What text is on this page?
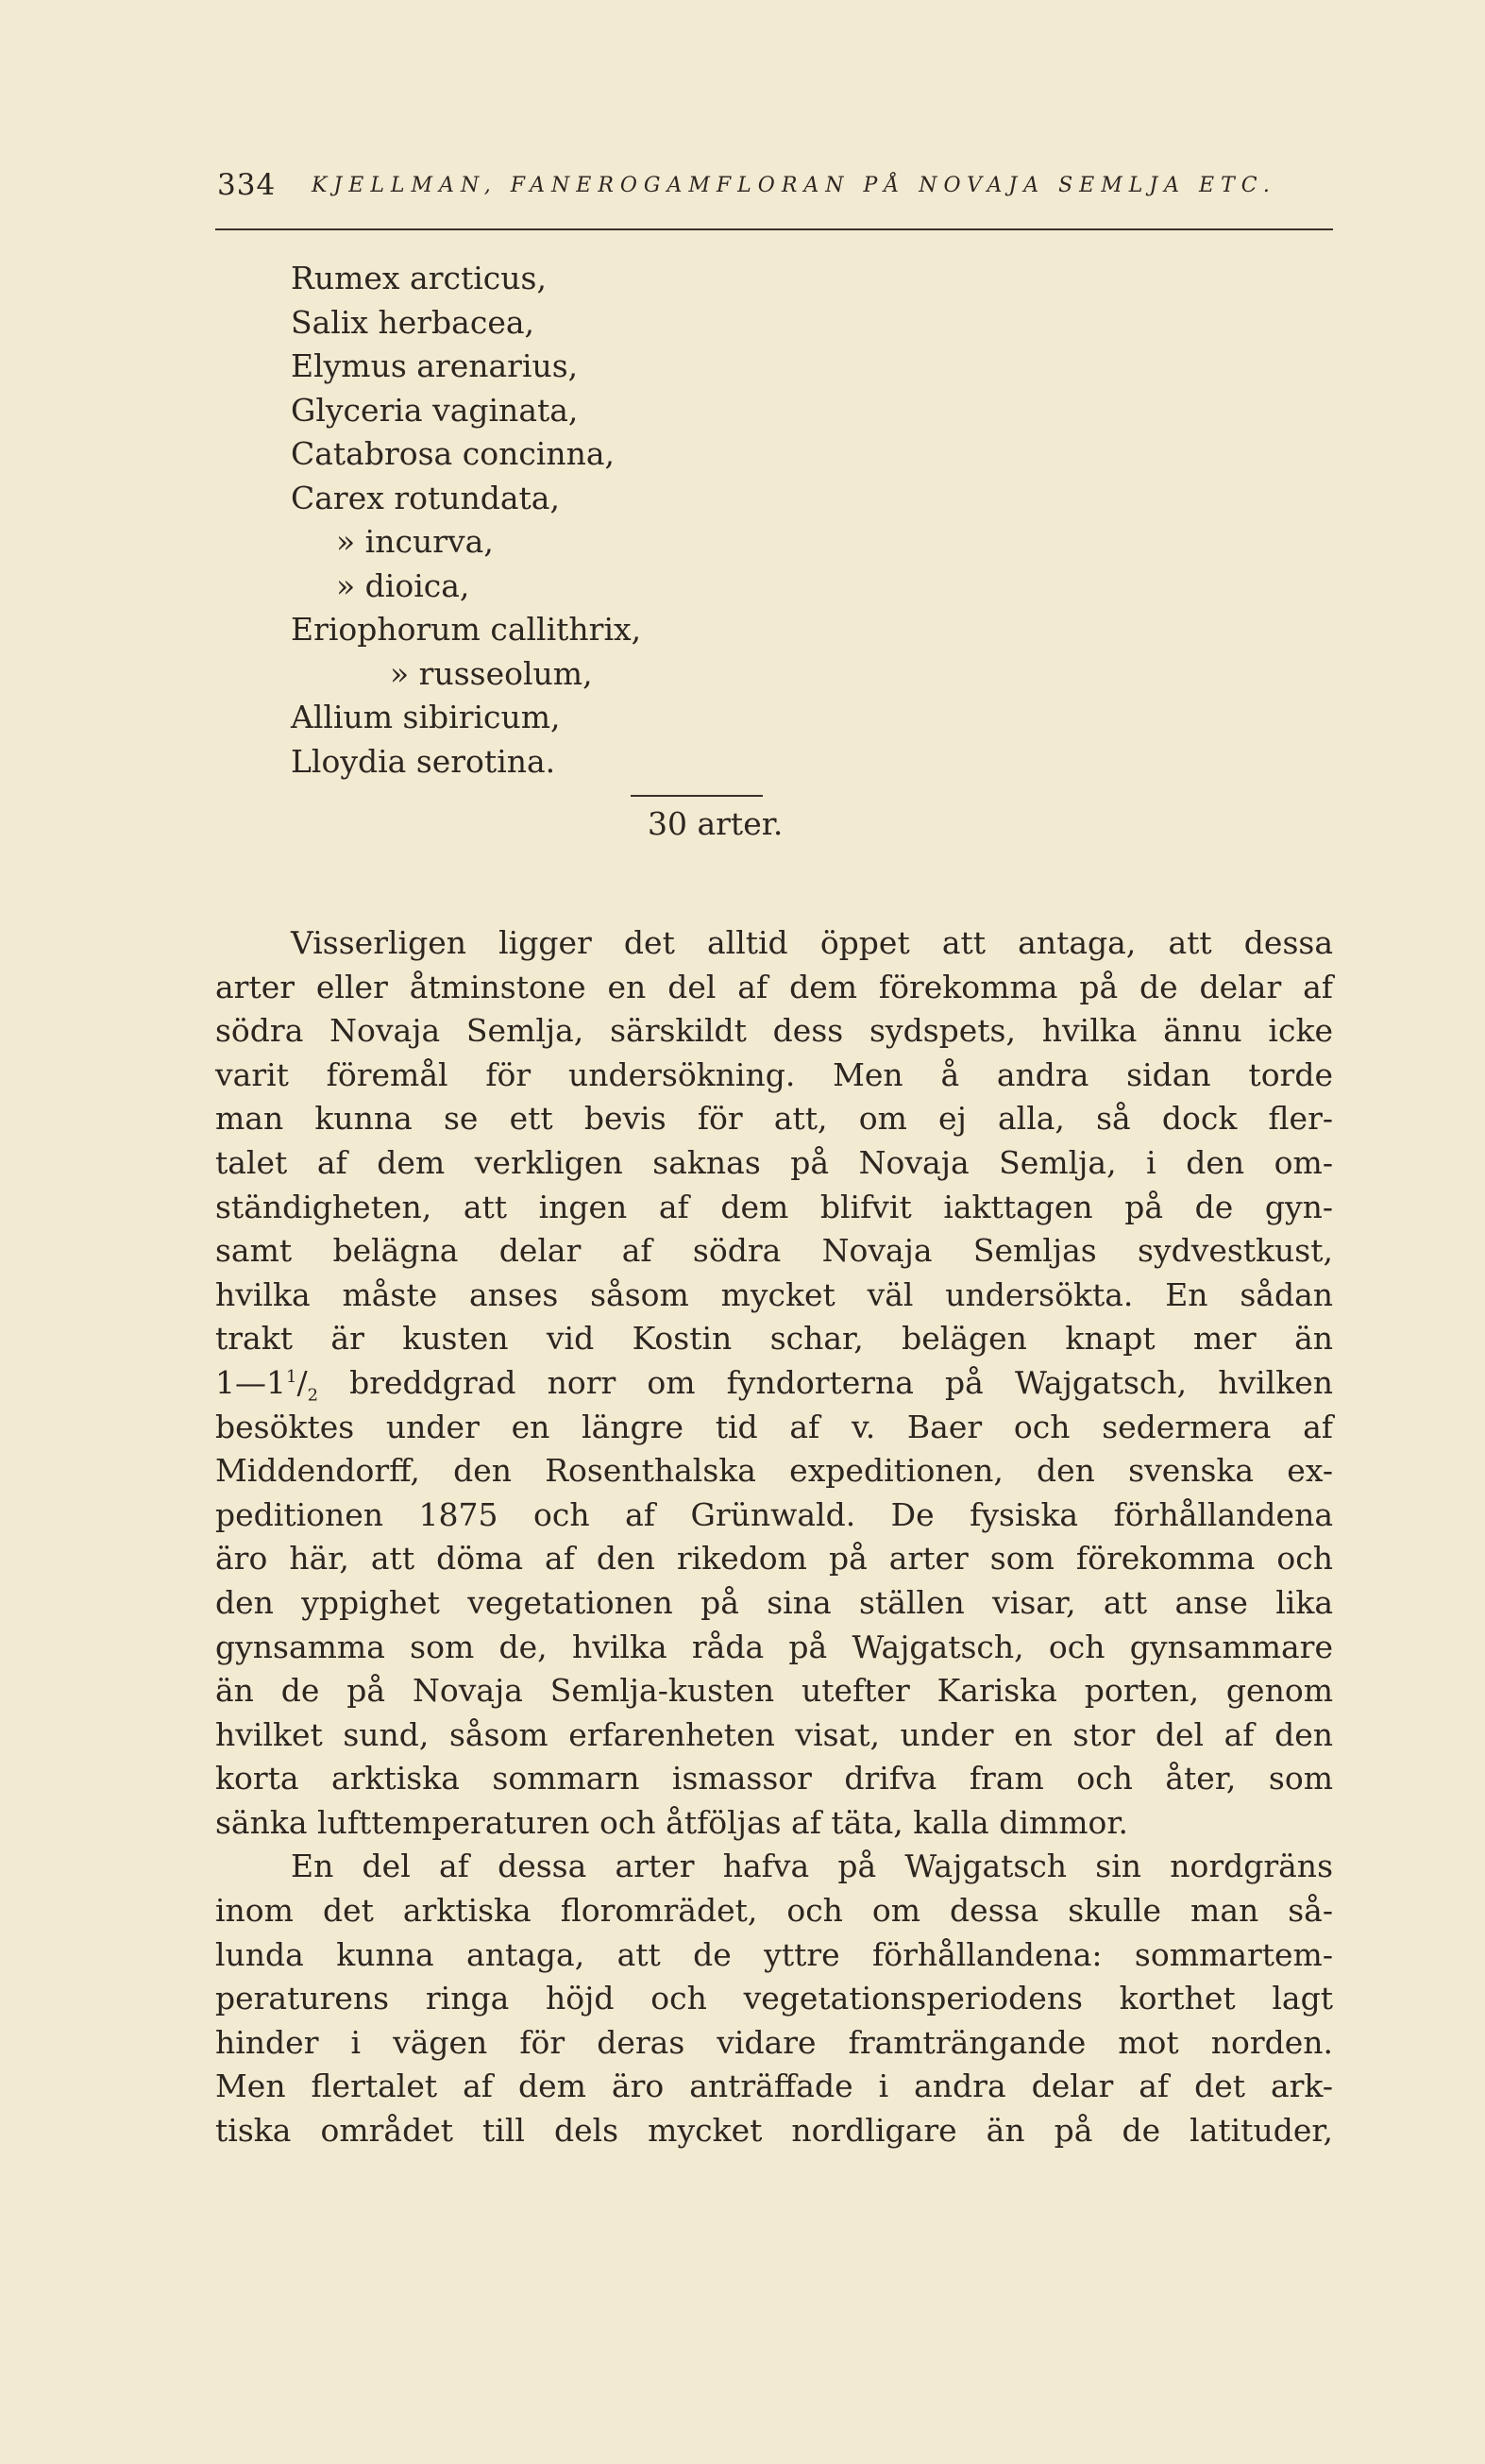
334 KJELLMAN, FANEROGAMFLORAN PÅ NOVAJA SEMLJA ETC.
Rumex arcticus,
Salix herbacea,
Elymus arenarius,
Glyceria vaginata,
Catabrosa concinna,
Carex rotundata,
» incurva,
» dioica,
Eriophorum callithrix,
» russeolum,
Allium sibiricum,
Lloydia serotina.
30 arter.

Visserligen ligger det alltid öppet att antaga, att dessa
arter eller åtminstone en del af dem förekomma på de delar af
södra Novaja Semlja, särskildt dess sydspets, hvilka ännu icke
varit föremål för undersökning. Men å andra sidan torde
man kunna se ett bevis för att, om ej alla, så dock fler-
talet af dem verkligen saknas på Novaja Semlja, i den om-
ständigheten, att ingen af dem blifvit iakttagen på de gyn-
samt belägna delar af södra Novaja Semljas sydvestkust,
hvilka måste anses såsom mycket väl undersökta. En sådan
trakt är kusten vid Kostin schar, belägen knapt mer än
$1—1^1/_2$ breddgrad norr om fyndorterna på Wajgatsch, hvilken
besöktes under en längre tid af v. Baer och sedermera af
Middendorff, den Rosenthalska expeditionen, den svenska ex-
peditionen 1875 och af Grünwald. De fysiska förhållandena
äro här, att döma af den rikedom på arter som förekomma och
den yppighet vegetationen på sina ställen visar, att anse lika
gynsamma som de, hvilka råda på Wajgatsch, och gynsammare
än de på Novaja Semlja-kusten utefter Kariska porten, genom
hvilket sund, såsom erfarenheten visat, under en stor del af den
korta arktiska sommarn ismassor drifva fram och åter, som
sänka lufttemperaturen och åtföljas af täta, kalla dimmor.

En del af dessa arter hafva på Wajgatsch sin nordgräns
inom det arktiska floromrädet, och om dessa skulle man så-
lunda kunna antaga, att de yttre förhållandena: sommartem-
peraturens ringa höjd och vegetationsperiodens korthet lagt
hinder i vägen för deras vidare framträngande mot norden.
Men flertalet af dem äro anträffade i andra delar af det ark-
tiska området till dels mycket nordligare än på de latituder,
